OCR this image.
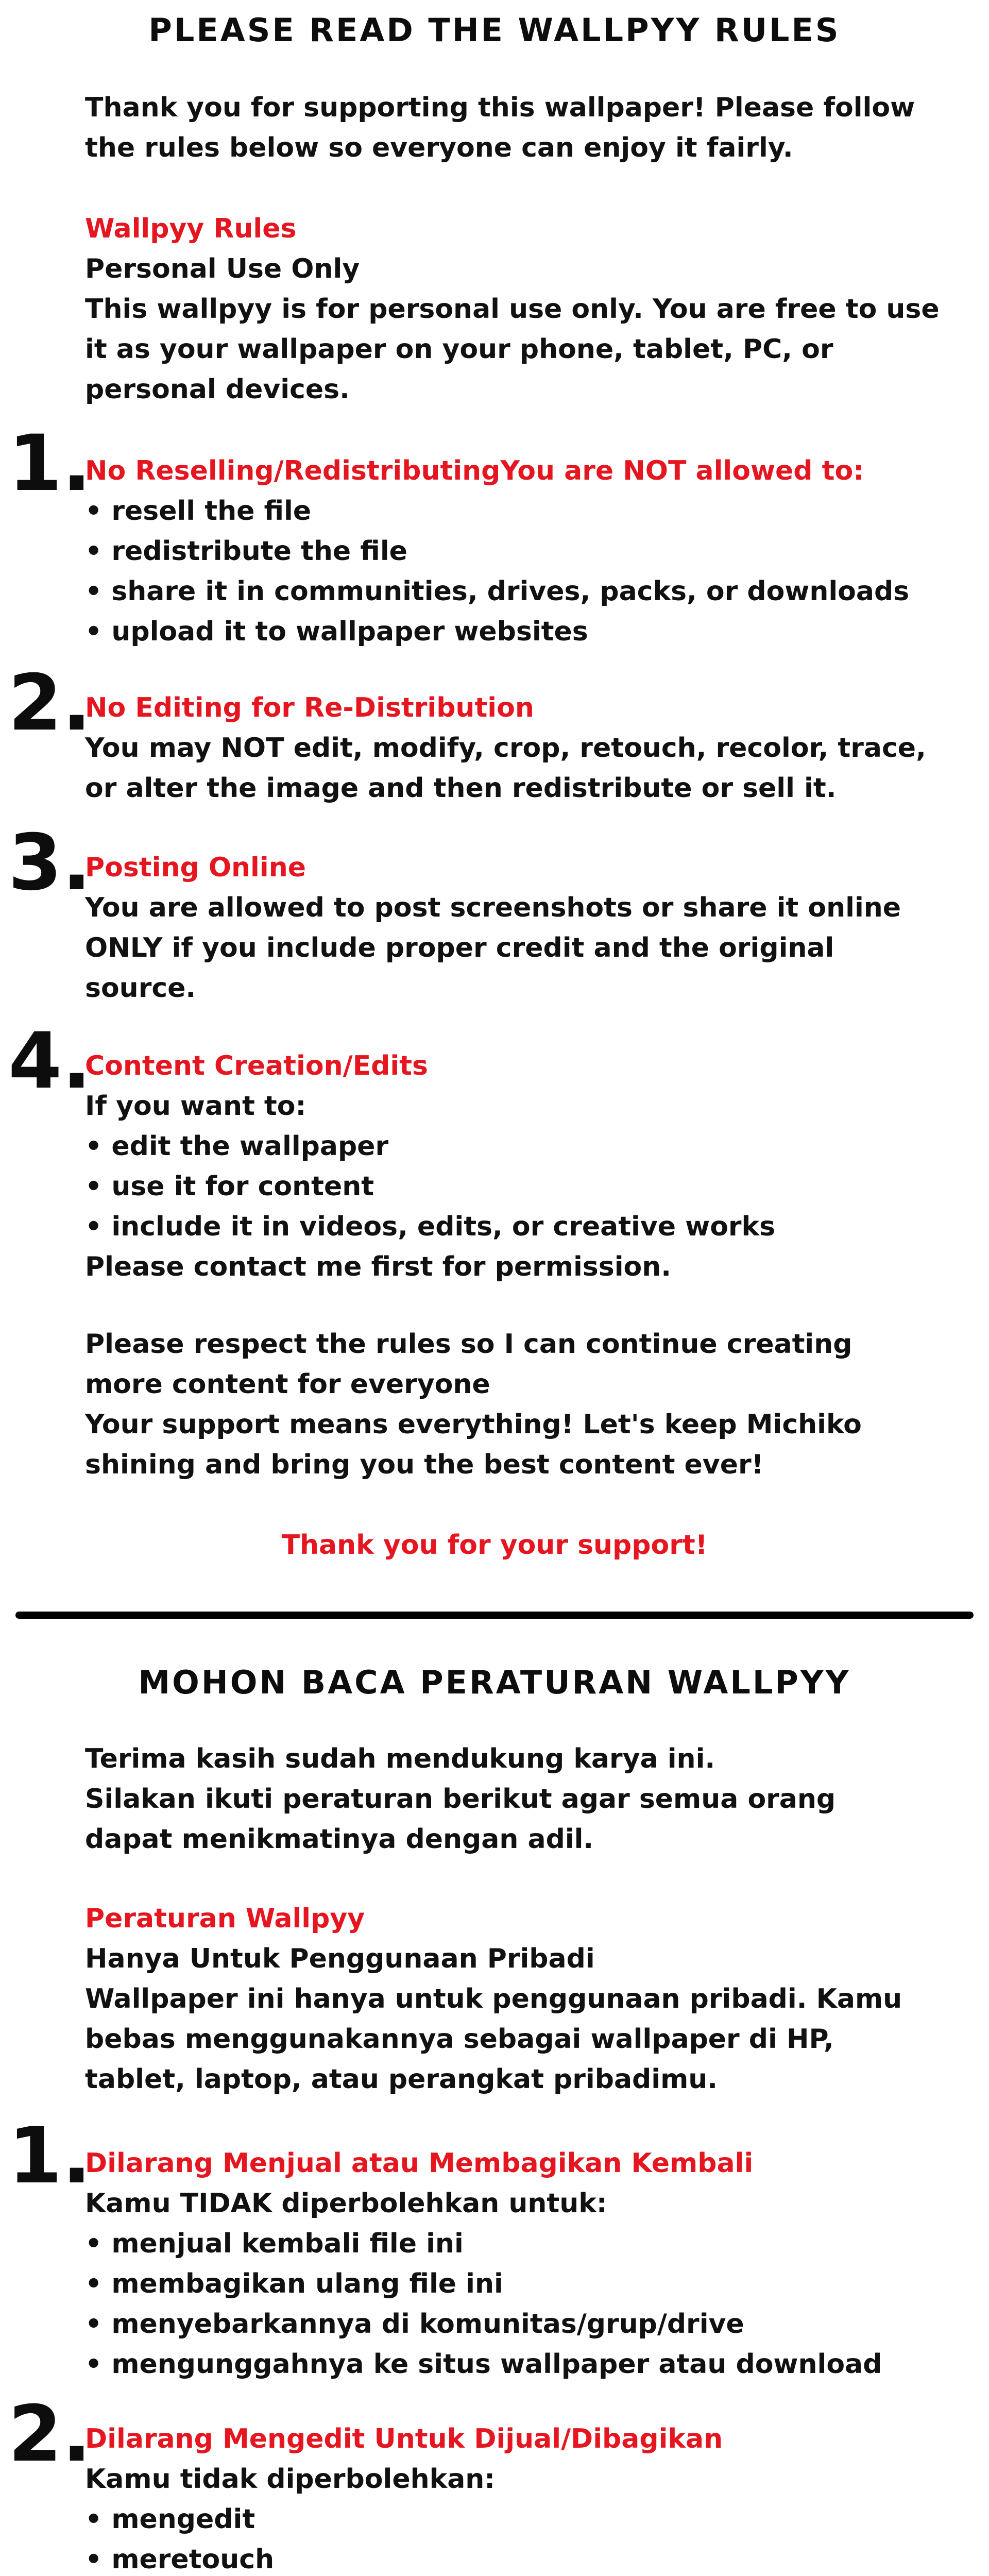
PLEASE READ THE WALLPYY RULES
Thank you for supporting this wallpaper! Please follow
the rules below so everyone can enjoy it fairly.
Wallpyy Rules
Personal Use Only
This wallpyy is for personal use only. You are free to use
it as your wallpaper on your phone, tablet, PC, or
personal devices.
1.
No Reselling/RedistributingYou are NOT allowed to:
• resell the file
• redistribute the file
• share it in communities, drives, packs, or downloads
• upload it to wallpaper websites
2.
No Editing for Re-Distribution
You may NOT edit, modify, crop, retouch, recolor, trace,
or alter the image and then redistribute or sell it.
3.
Posting Online
You are allowed to post screenshots or share it online
ONLY if you include proper credit and the original
source.
4.
Content Creation/Edits
If you want to:
• edit the wallpaper
• use it for content
• include it in videos, edits, or creative works
Please contact me first for permission.
Please respect the rules so I can continue creating
more content for everyone
Your support means everything! Let's keep Michiko
shining and bring you the best content ever!
Thank you for your support!
MOHON BACA PERATURAN WALLPYY
Terima kasih sudah mendukung karya ini.
Silakan ikuti peraturan berikut agar semua orang
dapat menikmatinya dengan adil.
Peraturan Wallpyy
Hanya Untuk Penggunaan Pribadi
Wallpaper ini hanya untuk penggunaan pribadi. Kamu
bebas menggunakannya sebagai wallpaper di HP,
tablet, laptop, atau perangkat pribadimu.
1.
Dilarang Menjual atau Membagikan Kembali
Kamu TIDAK diperbolehkan untuk:
• menjual kembali file ini
• membagikan ulang file ini
• menyebarkannya di komunitas/grup/drive
• mengunggahnya ke situs wallpaper atau download
2.
Dilarang Mengedit Untuk Dijual/Dibagikan
Kamu tidak diperbolehkan:
• mengedit
• meretouch
